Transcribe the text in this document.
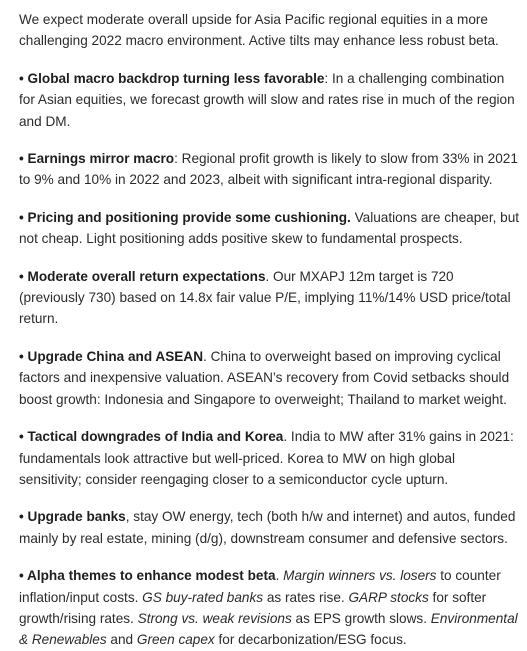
We expect moderate overall upside for Asia Pacific regional equities in a more challenging 2022 macro environment. Active tilts may enhance less robust beta.

• Global macro backdrop turning less favorable: In a challenging combination for Asian equities, we forecast growth will slow and rates rise in much of the region and DM.

• Earnings mirror macro: Regional profit growth is likely to slow from 33% in 2021 to 9% and 10% in 2022 and 2023, albeit with significant intra-regional disparity.

• Pricing and positioning provide some cushioning. Valuations are cheaper, but not cheap. Light positioning adds positive skew to fundamental prospects.

• Moderate overall return expectations. Our MXAPJ 12m target is 720 (previously 730) based on 14.8x fair value P/E, implying 11%/14% USD price/total return.

• Upgrade China and ASEAN. China to overweight based on improving cyclical factors and inexpensive valuation. ASEAN’s recovery from Covid setbacks should boost growth: Indonesia and Singapore to overweight; Thailand to market weight.

• Tactical downgrades of India and Korea. India to MW after 31% gains in 2021: fundamentals look attractive but well-priced. Korea to MW on high global sensitivity; consider reengaging closer to a semiconductor cycle upturn.

• Upgrade banks, stay OW energy, tech (both h/w and internet) and autos, funded mainly by real estate, mining (d/g), downstream consumer and defensive sectors.

• Alpha themes to enhance modest beta. Margin winners vs. losers to counter inflation/input costs. GS buy-rated banks as rates rise. GARP stocks for softer growth/rising rates. Strong vs. weak revisions as EPS growth slows. Environmental & Renewables and Green capex for decarbonization/ESG focus.
